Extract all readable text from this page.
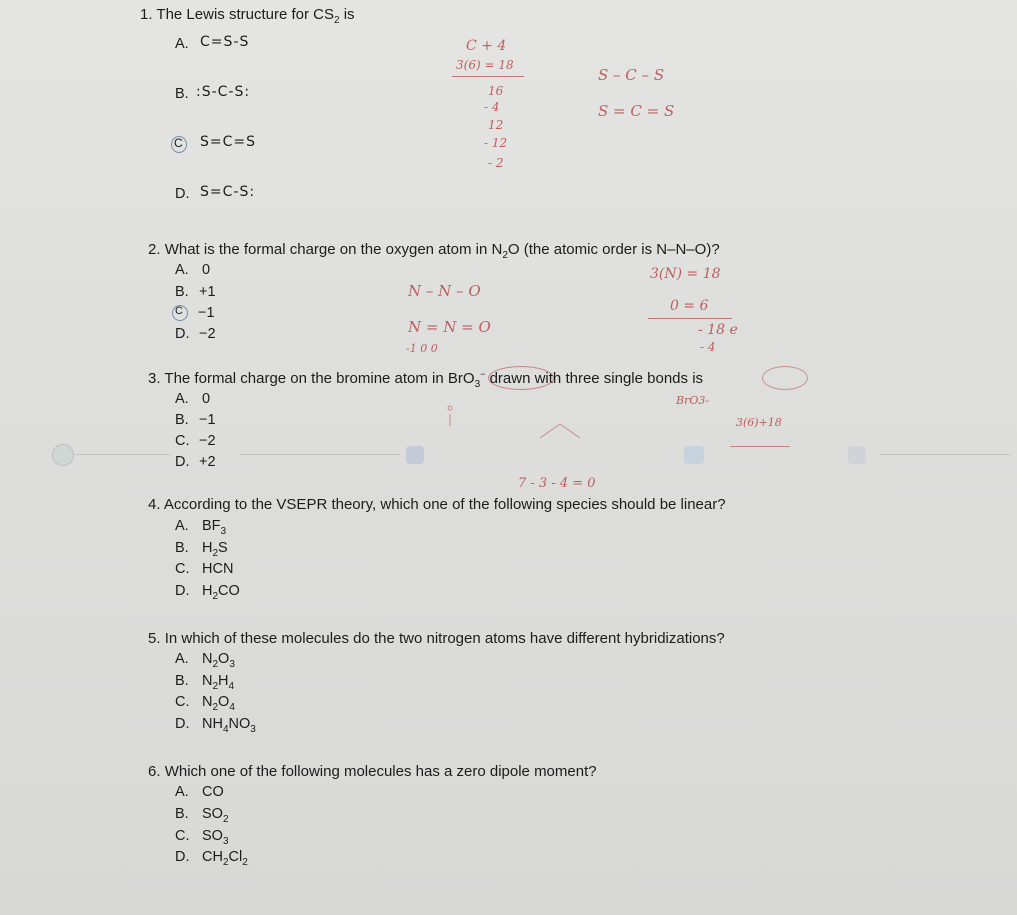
1. The Lewis structure for $CS_2$ is
A. C=S-S
B. :S-C-S:
C S=C=S
D. S=C-S:
C + 4
3(6) = 18
16
- 4
12
- 12
- 2
S – C – S
S = C = S
2. What is the formal charge on the oxygen atom in $N_2O$ (the atomic order is N–N–O)?
A. 0
B. +1
C −1
D. −2
N – N – O
N = N = O
-1 0 0
3(N) = 18
0 = 6
- 18 e
- 4
3. The formal charge on the bromine atom in BrO$_3$− drawn with three single bonds is
A. 0
B. −1
C. −2
D. +2
BrO3-
3(6)+18
7 - 3 - 4 = 0
4. According to the VSEPR theory, which one of the following species should be linear?
A. $BF_3$
B. $H_2S$
C. HCN
D. $H_2CO$
5. In which of these molecules do the two nitrogen atoms have different hybridizations?
A. $N_2O_3$
B. $N_2H_4$
C. $N_2O_4$
D. $NH_4NO_3$
6. Which one of the following molecules has a zero dipole moment?
A. CO
B. $SO_2$
C. $SO_3$
D. $CH_2Cl_2$
